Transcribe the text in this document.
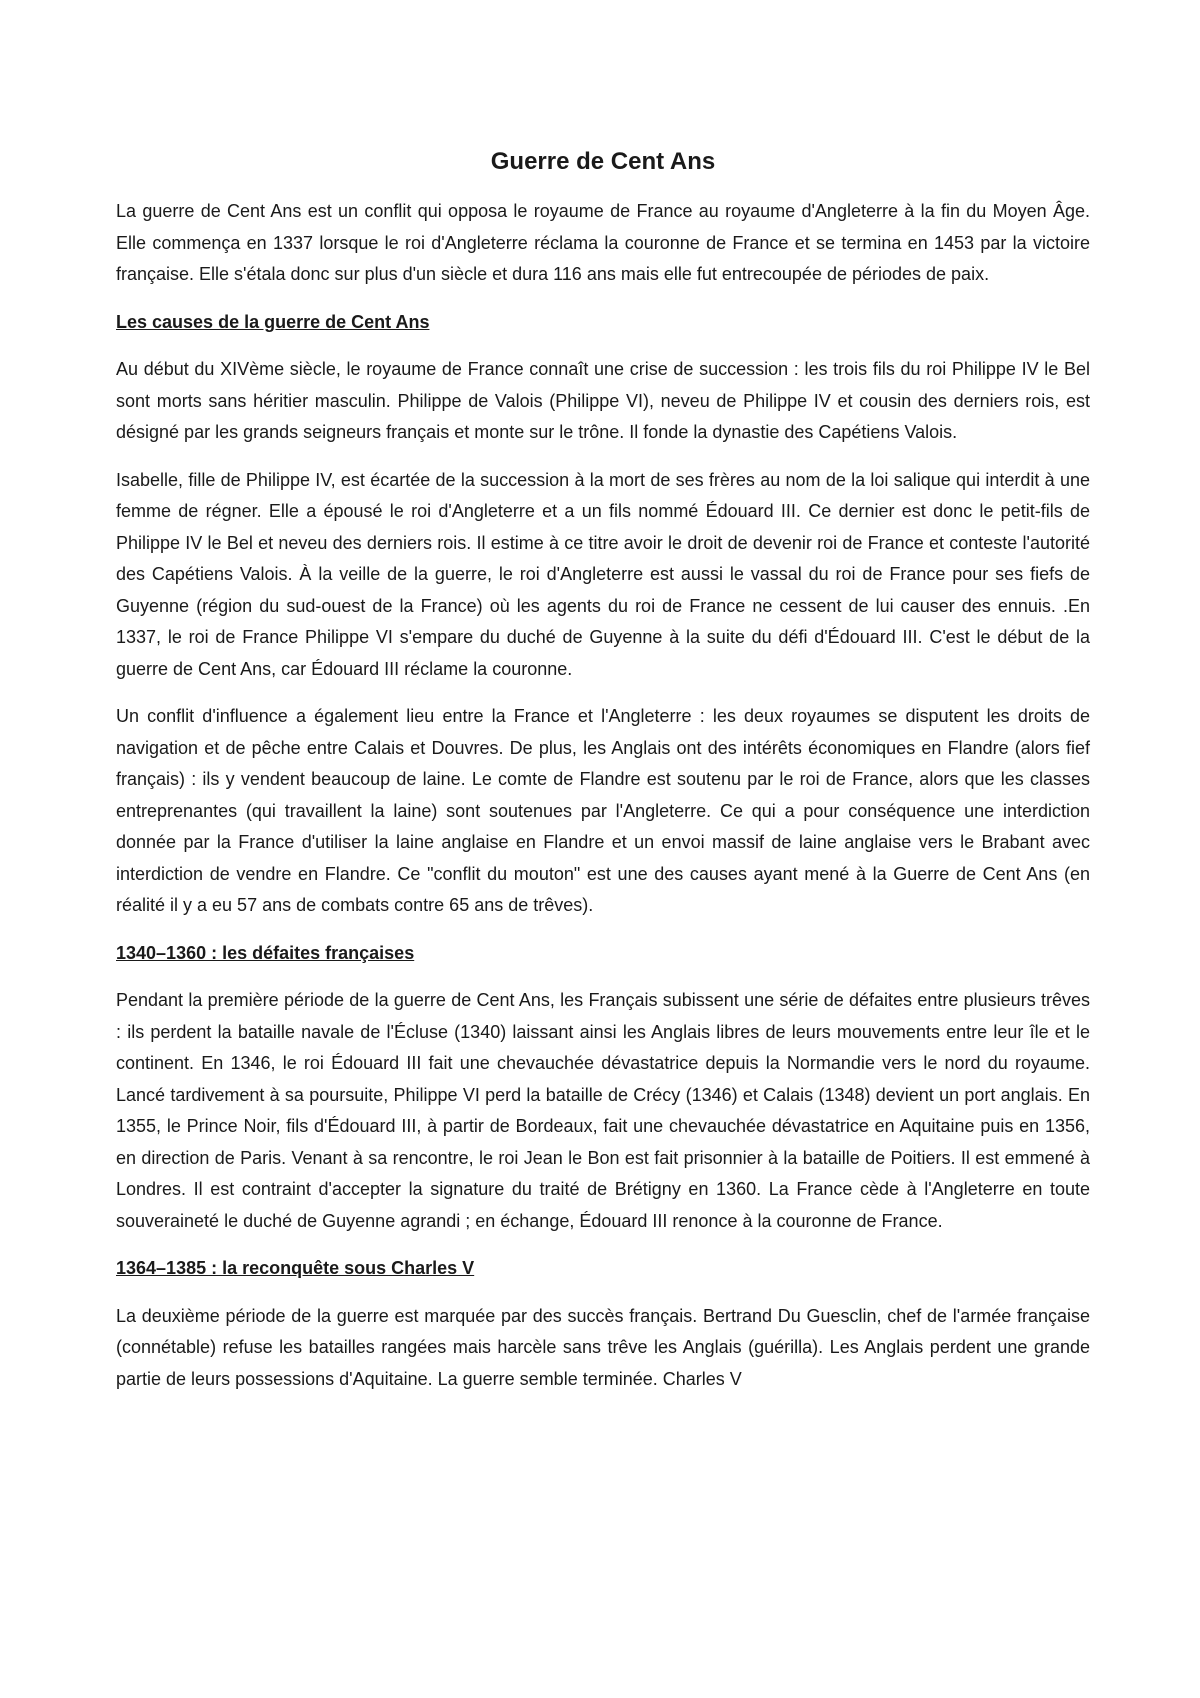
Guerre de Cent Ans

La guerre de Cent Ans est un conflit qui opposa le royaume de France au royaume d'Angleterre à la fin du Moyen Âge. Elle commença en 1337 lorsque le roi d'Angleterre réclama la couronne de France et se termina en 1453 par la victoire française. Elle s'étala donc sur plus d'un siècle et dura 116 ans mais elle fut entrecoupée de périodes de paix.

Les causes de la guerre de Cent Ans

Au début du XIVème siècle, le royaume de France connaît une crise de succession : les trois fils du roi Philippe IV le Bel sont morts sans héritier masculin. Philippe de Valois (Philippe VI), neveu de Philippe IV et cousin des derniers rois, est désigné par les grands seigneurs français et monte sur le trône. Il fonde la dynastie des Capétiens Valois.

Isabelle, fille de Philippe IV, est écartée de la succession à la mort de ses frères au nom de la loi salique qui interdit à une femme de régner. Elle a épousé le roi d'Angleterre et a un fils nommé Édouard III. Ce dernier est donc le petit-fils de Philippe IV le Bel et neveu des derniers rois. Il estime à ce titre avoir le droit de devenir roi de France et conteste l'autorité des Capétiens Valois. À la veille de la guerre, le roi d'Angleterre est aussi le vassal du roi de France pour ses fiefs de Guyenne (région du sud-ouest de la France) où les agents du roi de France ne cessent de lui causer des ennuis. .En 1337, le roi de France Philippe VI s'empare du duché de Guyenne à la suite du défi d'Édouard III. C'est le début de la guerre de Cent Ans, car Édouard III réclame la couronne.

Un conflit d'influence a également lieu entre la France et l'Angleterre : les deux royaumes se disputent les droits de navigation et de pêche entre Calais et Douvres. De plus, les Anglais ont des intérêts économiques en Flandre (alors fief français) : ils y vendent beaucoup de laine. Le comte de Flandre est soutenu par le roi de France, alors que les classes entreprenantes (qui travaillent la laine) sont soutenues par l'Angleterre. Ce qui a pour conséquence une interdiction donnée par la France d'utiliser la laine anglaise en Flandre et un envoi massif de laine anglaise vers le Brabant avec interdiction de vendre en Flandre. Ce "conflit du mouton" est une des causes ayant mené à la Guerre de Cent Ans (en réalité il y a eu 57 ans de combats contre 65 ans de trêves).

1340–1360 : les défaites françaises

Pendant la première période de la guerre de Cent Ans, les Français subissent une série de défaites entre plusieurs trêves : ils perdent la bataille navale de l'Écluse (1340) laissant ainsi les Anglais libres de leurs mouvements entre leur île et le continent. En 1346, le roi Édouard III fait une chevauchée dévastatrice depuis la Normandie vers le nord du royaume. Lancé tardivement à sa poursuite, Philippe VI perd la bataille de Crécy (1346) et Calais (1348) devient un port anglais. En 1355, le Prince Noir, fils d'Édouard III, à partir de Bordeaux, fait une chevauchée dévastatrice en Aquitaine puis en 1356, en direction de Paris. Venant à sa rencontre, le roi Jean le Bon est fait prisonnier à la bataille de Poitiers. Il est emmené à Londres. Il est contraint d'accepter la signature du traité de Brétigny en 1360. La France cède à l'Angleterre en toute souveraineté le duché de Guyenne agrandi ; en échange, Édouard III renonce à la couronne de France.

1364–1385 : la reconquête sous Charles V

La deuxième période de la guerre est marquée par des succès français. Bertrand Du Guesclin, chef de l'armée française (connétable) refuse les batailles rangées mais harcèle sans trêve les Anglais (guérilla). Les Anglais perdent une grande partie de leurs possessions d'Aquitaine. La guerre semble terminée. Charles V
